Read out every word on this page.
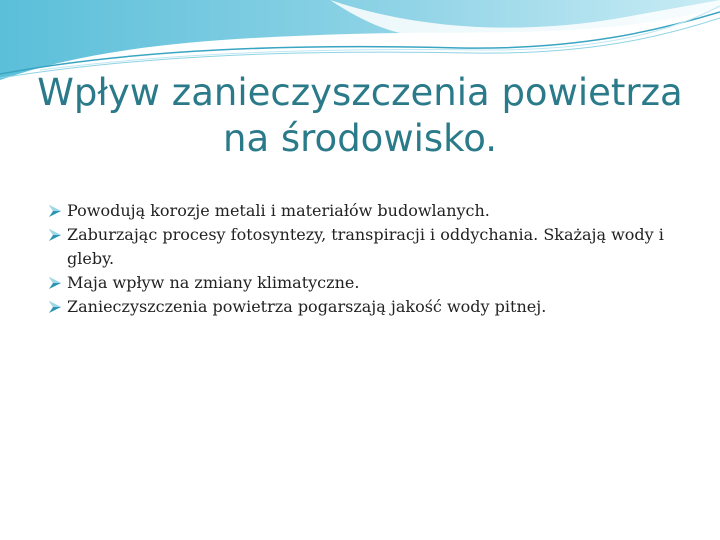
Wpływ zanieczyszczenia powietrza
na środowisko.
Powodują korozje metali i materiałów budowlanych.
Zaburzając procesy fotosyntezy, transpiracji i oddychania. Skażają wody i gleby.
Maja wpływ na zmiany klimatyczne.
Zanieczyszczenia powietrza pogarszają jakość wody pitnej.
